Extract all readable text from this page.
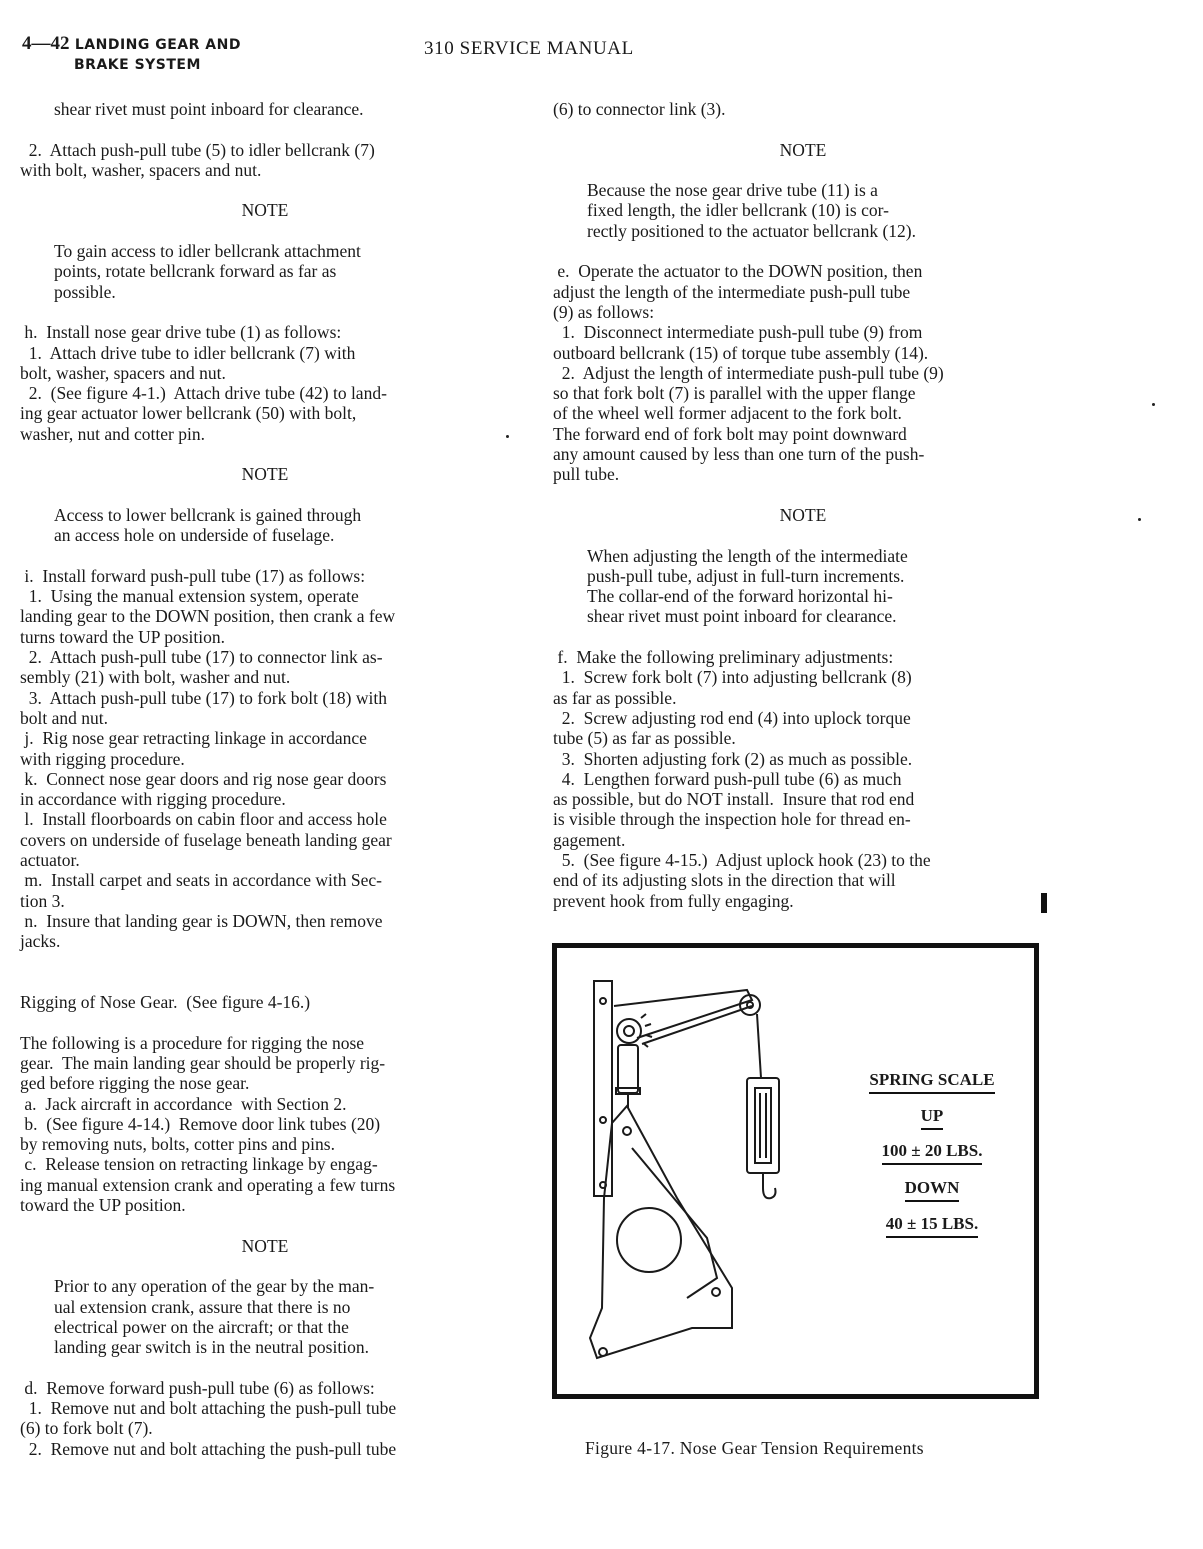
4—42 LANDING GEAR AND
BRAKE SYSTEM
310 SERVICE MANUAL
shear rivet must point inboard for clearance.
2.  Attach push-pull tube (5) to idler bellcrank (7)
with bolt, washer, spacers and nut.
NOTE
To gain access to idler bellcrank attachment
points, rotate bellcrank forward as far as
possible.
h.  Install nose gear drive tube (1) as follows:
1.  Attach drive tube to idler bellcrank (7) with
bolt, washer, spacers and nut.
2.  (See figure 4-1.)  Attach drive tube (42) to land-
ing gear actuator lower bellcrank (50) with bolt,
washer, nut and cotter pin.
NOTE
Access to lower bellcrank is gained through
an access hole on underside of fuselage.
i.  Install forward push-pull tube (17) as follows:
1.  Using the manual extension system, operate
landing gear to the DOWN position, then crank a few
turns toward the UP position.
2.  Attach push-pull tube (17) to connector link as-
sembly (21) with bolt, washer and nut.
3.  Attach push-pull tube (17) to fork bolt (18) with
bolt and nut.
j.  Rig nose gear retracting linkage in accordance
with rigging procedure.
k.  Connect nose gear doors and rig nose gear doors
in accordance with rigging procedure.
l.  Install floorboards on cabin floor and access hole
covers on underside of fuselage beneath landing gear
actuator.
m.  Install carpet and seats in accordance with Sec-
tion 3.
n.  Insure that landing gear is DOWN, then remove
jacks.
Rigging of Nose Gear.  (See figure 4-16.)
The following is a procedure for rigging the nose
gear.  The main landing gear should be properly rig-
ged before rigging the nose gear.
a.  Jack aircraft in accordance  with Section 2.
b.  (See figure 4-14.)  Remove door link tubes (20)
by removing nuts, bolts, cotter pins and pins.
c.  Release tension on retracting linkage by engag-
ing manual extension crank and operating a few turns
toward the UP position.
NOTE
Prior to any operation of the gear by the man-
ual extension crank, assure that there is no
electrical power on the aircraft; or that the
landing gear switch is in the neutral position.
d.  Remove forward push-pull tube (6) as follows:
1.  Remove nut and bolt attaching the push-pull tube
(6) to fork bolt (7).
2.  Remove nut and bolt attaching the push-pull tube
(6) to connector link (3).
NOTE
Because the nose gear drive tube (11) is a
fixed length, the idler bellcrank (10) is cor-
rectly positioned to the actuator bellcrank (12).
e.  Operate the actuator to the DOWN position, then
adjust the length of the intermediate push-pull tube
(9) as follows:
1.  Disconnect intermediate push-pull tube (9) from
outboard bellcrank (15) of torque tube assembly (14).
2.  Adjust the length of intermediate push-pull tube (9)
so that fork bolt (7) is parallel with the upper flange
of the wheel well former adjacent to the fork bolt.
The forward end of fork bolt may point downward
any amount caused by less than one turn of the push-
pull tube.
NOTE
When adjusting the length of the intermediate
push-pull tube, adjust in full-turn increments.
The collar-end of the forward horizontal hi-
shear rivet must point inboard for clearance.
f.  Make the following preliminary adjustments:
1.  Screw fork bolt (7) into adjusting bellcrank (8)
as far as possible.
2.  Screw adjusting rod end (4) into uplock torque
tube (5) as far as possible.
3.  Shorten adjusting fork (2) as much as possible.
4.  Lengthen forward push-pull tube (6) as much
as possible, but do NOT install.  Insure that rod end
is visible through the inspection hole for thread en-
gagement.
5.  (See figure 4-15.)  Adjust uplock hook (23) to the
end of its adjusting slots in the direction that will
prevent hook from fully engaging.
SPRING SCALE
UP
100 ± 20 LBS.
DOWN
40 ± 15 LBS.
Figure 4-17. Nose Gear Tension Requirements
